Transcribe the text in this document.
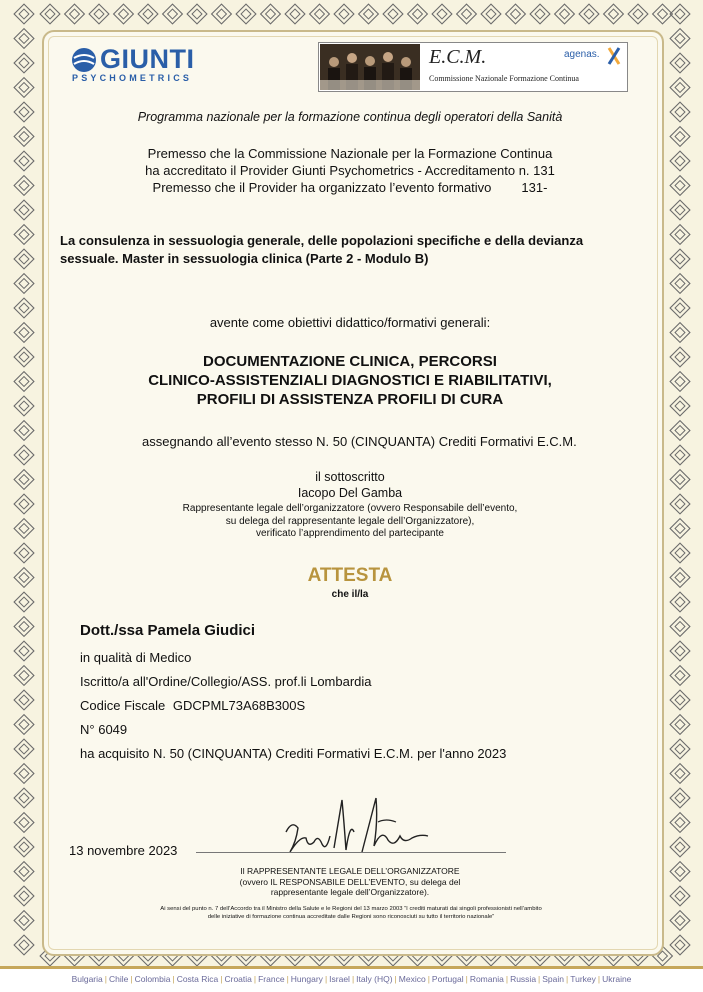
GIUNTI
PSYCHOMETRICS
E.C.M.
Commissione Nazionale Formazione Continua
agenas.
Programma nazionale per la formazione continua degli operatori della Sanità
Premesso che la Commissione Nazionale per la Formazione Continua
ha accreditato il Provider Giunti Psychometrics - Accreditamento n. 131
Premesso che il Provider ha organizzato l’evento formativo 131-
La consulenza in sessuologia generale, delle popolazioni specifiche e della devianza
sessuale. Master in sessuologia clinica (Parte 2 - Modulo B)
avente come obiettivi didattico/formativi generali:
DOCUMENTAZIONE CLINICA, PERCORSI
CLINICO-ASSISTENZIALI DIAGNOSTICI E RIABILITATIVI,
PROFILI DI ASSISTENZA PROFILI DI CURA
assegnando all’evento stesso N. 50 (CINQUANTA) Crediti Formativi E.C.M.
il sottoscritto
Iacopo Del Gamba
Rappresentante legale dell’organizzatore (ovvero Responsabile dell’evento,
su delega del rappresentante legale dell’Organizzatore),
verificato l’apprendimento del partecipante
ATTESTA
che il/la
Dott./ssa Pamela Giudici
in qualità di Medico
Iscritto/a all'Ordine/Collegio/ASS. prof.li Lombardia
Codice Fiscale GDCPML73A68B300S
N° 6049
ha acquisito N. 50 (CINQUANTA) Crediti Formativi E.C.M. per l'anno 2023
13 novembre 2023
Il RAPPRESENTANTE LEGALE DELL’ORGANIZZATORE
(ovvero IL RESPONSABILE DELL’EVENTO, su delega del
rappresentante legale dell’Organizzatore).
Ai sensi del punto n. 7 dell’Accordo tra il Ministro della Salute e le Regioni del 13 marzo 2003 “I crediti maturati dai singoli professionisti nell’ambito
delle iniziative di formazione continua accreditate dalle Regioni sono riconosciuti su tutto il territorio nazionale”
Bulgaria | Chile | Colombia | Costa Rica | Croatia | France | Hungary | Israel | Italy (HQ) | Mexico | Portugal | Romania | Russia | Spain | Turkey | Ukraine
